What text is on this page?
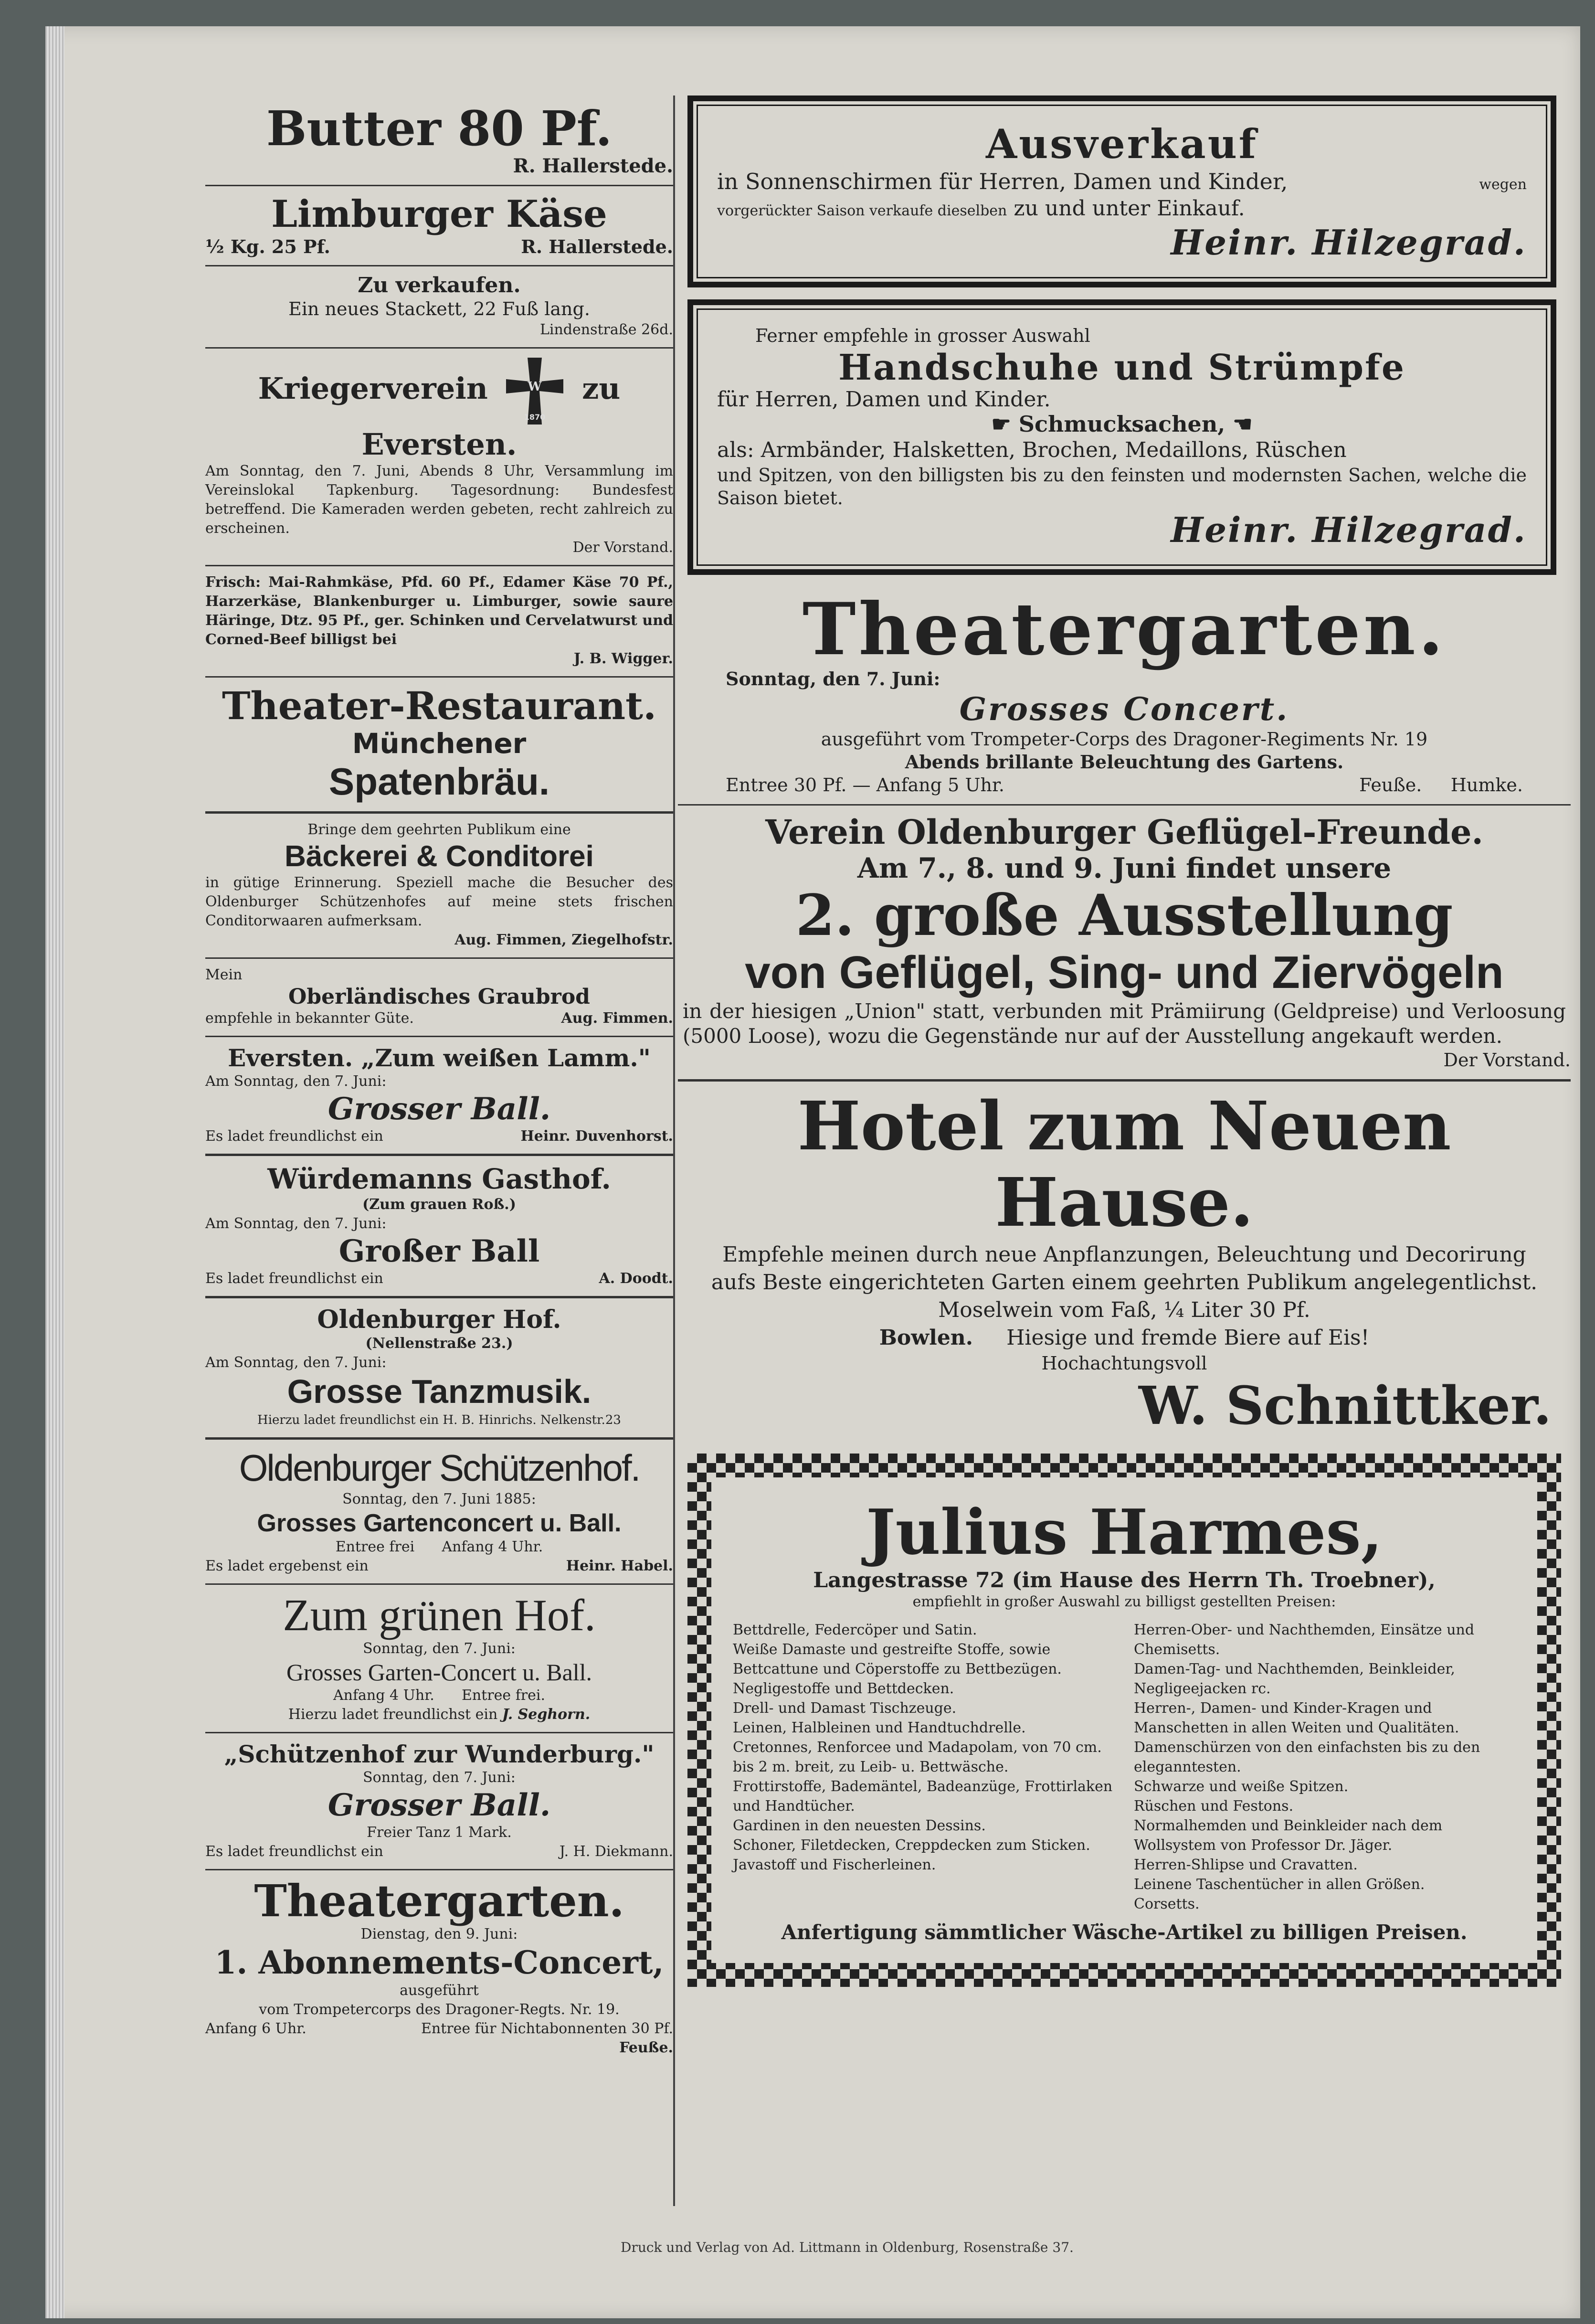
Butter 80 Pf.
R. Hallerstede.
Limburger Käse
½ Kg. 25 Pf.	R. Hallerstede.
Zu verkaufen.
Ein neues Stackett, 22 Fuß lang.
Lindenstraße 26d.
Kriegerverein	W
1870
zu Eversten.
Am Sonntag, den 7. Juni, Abends 8 Uhr, Versammlung im Vereinslokal Tapkenburg. Tagesordnung: Bundesfest betreffend. Die Kameraden werden gebeten, recht zahlreich zu erscheinen.
Der Vorstand.
Frisch: Mai-Rahmkäse, Pfd. 60 Pf., Edamer Käse 70 Pf., Harzerkäse, Blankenburger u. Limburger, sowie saure Häringe, Dtz. 95 Pf., ger. Schinken und Cervelatwurst und Corned-Beef billigst bei
J. B. Wigger.
Theater-Restaurant.
Münchener
Spatenbräu.
Bringe dem geehrten Publikum eine
Bäckerei & Conditorei
in gütige Erinnerung. Speziell mache die Besucher des Oldenburger Schützenhofes auf meine stets frischen Conditorwaaren aufmerksam.
Aug. Fimmen, Ziegelhofstr.
Mein
Oberländisches Graubrod
empfehle in bekannter Güte.	Aug. Fimmen.
Eversten. „Zum weißen Lamm."
Am Sonntag, den 7. Juni:
Grosser Ball.
Es ladet freundlichst ein	Heinr. Duvenhorst.
Würdemanns Gasthof.
(Zum grauen Roß.)
Am Sonntag, den 7. Juni:
Großer Ball
Es ladet freundlichst ein	A. Doodt.
Oldenburger Hof.
(Nellenstraße 23.)
Am Sonntag, den 7. Juni:
Grosse Tanzmusik.
Hierzu ladet freundlichst ein H. B. Hinrichs. Nelkenstr.23
Oldenburger Schützenhof.
Sonntag, den 7. Juni 1885:
Grosses Gartenconcert u. Ball.
Entree frei Anfang 4 Uhr.
Es ladet ergebenst ein	Heinr. Habel.
Zum grünen Hof.
Sonntag, den 7. Juni:
Grosses Garten-Concert u. Ball.
Anfang 4 Uhr. Entree frei.
Hierzu ladet freundlichst ein J. Seghorn.
„Schützenhof zur Wunderburg."
Sonntag, den 7. Juni:
Grosser Ball.
Freier Tanz 1 Mark.
Es ladet freundlichst ein	J. H. Diekmann.
Theatergarten.
Dienstag, den 9. Juni:
1. Abonnements-Concert,
ausgeführt
vom Trompetercorps des Dragoner-Regts. Nr. 19.
Anfang 6 Uhr.	Entree für Nichtabonnenten 30 Pf.
Feuße.
Ausverkauf
in Sonnenschirmen für Herren, Damen und Kinder,	wegen
vorgerückter Saison verkaufe dieselben zu und unter Einkauf.
Heinr. Hilzegrad.
Ferner empfehle in grosser Auswahl
Handschuhe und Strümpfe
für Herren, Damen und Kinder.
☛ Schmucksachen, ☚
als: Armbänder, Halsketten, Brochen, Medaillons, Rüschen
und Spitzen, von den billigsten bis zu den feinsten und modernsten Sachen, welche die Saison bietet.
Heinr. Hilzegrad.
Theatergarten.
Sonntag, den 7. Juni:
Grosses Concert.
ausgeführt vom Trompeter-Corps des Dragoner-Regiments Nr. 19
Abends brillante Beleuchtung des Gartens.
Entree 30 Pf. — Anfang 5 Uhr.	Feuße. Humke.
Verein Oldenburger Geflügel-Freunde.
Am 7., 8. und 9. Juni findet unsere
2. große Ausstellung
von Geflügel, Sing- und Ziervögeln
in der hiesigen „Union" statt, verbunden mit Prämiirung (Geldpreise) und Verloosung (5000 Loose), wozu die Gegenstände nur auf der Ausstellung angekauft werden.
Der Vorstand.
Hotel zum Neuen Hause.
Empfehle meinen durch neue Anpflanzungen, Beleuchtung und Decorirung aufs Beste eingerichteten Garten einem geehrten Publikum angelegentlichst.
Moselwein vom Faß, ¼ Liter 30 Pf.
Bowlen. Hiesige und fremde Biere auf Eis!
Hochachtungsvoll
W. Schnittker.
Julius Harmes,
Langestrasse 72 (im Hause des Herrn Th. Troebner),
empfiehlt in großer Auswahl zu billigst gestellten Preisen:
Bettdrelle, Federcöper und Satin.
Weiße Damaste und gestreifte Stoffe, sowie Bettcattune und Cöperstoffe zu Bettbezügen.
Negligestoffe und Bettdecken.
Drell- und Damast Tischzeuge.
Leinen, Halbleinen und Handtuchdrelle.
Cretonnes, Renforcee und Madapolam, von 70 cm. bis 2 m. breit, zu Leib- u. Bettwäsche.
Frottirstoffe, Bademäntel, Badeanzüge, Frottirlaken und Handtücher.
Gardinen in den neuesten Dessins.
Schoner, Filetdecken, Creppdecken zum Sticken.
Javastoff und Fischerleinen.
Herren-Ober- und Nachthemden, Einsätze und Chemisetts.
Damen-Tag- und Nachthemden, Beinkleider, Negligeejacken rc.
Herren-, Damen- und Kinder-Kragen und Manschetten in allen Weiten und Qualitäten.
Damenschürzen von den einfachsten bis zu den eleganntesten.
Schwarze und weiße Spitzen.
Rüschen und Festons.
Normalhemden und Beinkleider nach dem Wollsystem von Professor Dr. Jäger.
Herren-Shlipse und Cravatten.
Leinene Taschentücher in allen Größen.
Corsetts.
Anfertigung sämmtlicher Wäsche-Artikel zu billigen Preisen.
Druck und Verlag von Ad. Littmann in Oldenburg, Rosenstraße 37.
